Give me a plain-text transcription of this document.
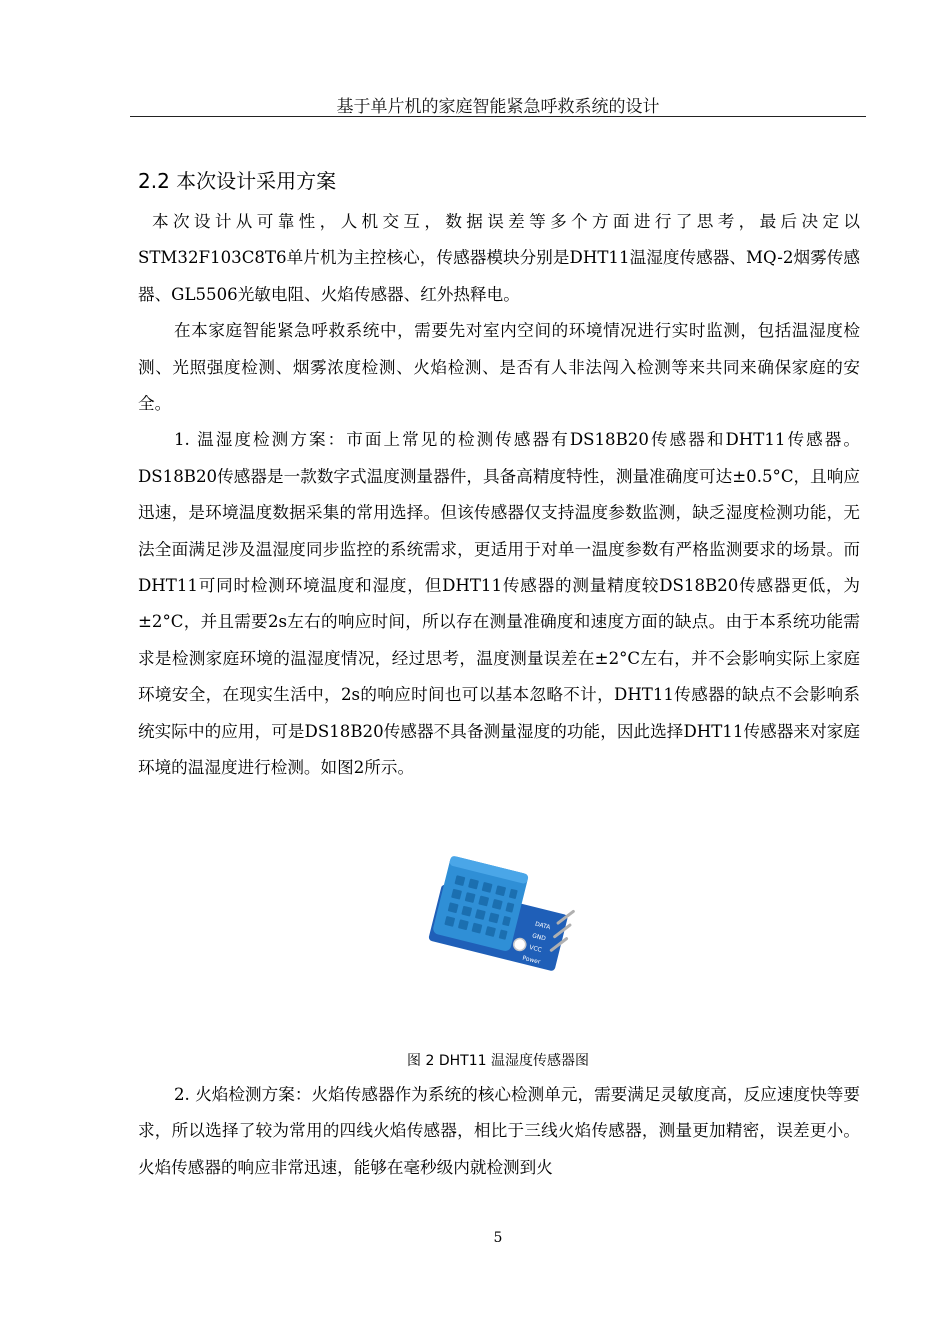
基于单片机的家庭智能紧急呼救系统的设计
2.2 本次设计采用方案

本次设计从可靠性，人机交互，数据误差等多个方面进行了思考，最后决定以STM32F103C8T6单片机为主控核心，传感器模块分别是DHT11温湿度传感器、MQ-2烟雾传感器、GL5506光敏电阻、火焰传感器、红外热释电。

在本家庭智能紧急呼救系统中，需要先对室内空间的环境情况进行实时监测，包括温湿度检测、光照强度检测、烟雾浓度检测、火焰检测、是否有人非法闯入检测等来共同来确保家庭的安全。

1. 温湿度检测方案：市面上常见的检测传感器有DS18B20传感器和DHT11传感器。DS18B20传感器是一款数字式温度测量器件，具备高精度特性，测量准确度可达±0.5°C，且响应迅速，是环境温度数据采集的常用选择。但该传感器仅支持温度参数监测，缺乏湿度检测功能，无法全面满足涉及温湿度同步监控的系统需求，更适用于对单一温度参数有严格监测要求的场景。而DHT11可同时检测环境温度和湿度，但DHT11传感器的测量精度较DS18B20传感器更低，为±2°C，并且需要2s左右的响应时间，所以存在测量准确度和速度方面的缺点。由于本系统功能需求是检测家庭环境的温湿度情况，经过思考，温度测量误差在±2°C左右，并不会影响实际上家庭环境安全，在现实生活中，2s的响应时间也可以基本忽略不计，DHT11传感器的缺点不会影响系统实际中的应用，可是DS18B20传感器不具备测量湿度的功能，因此选择DHT11传感器来对家庭环境的温湿度进行检测。如图2所示。

DATA
GND
VCC
Power
图 2 DHT11 温湿度传感器图

2. 火焰检测方案：火焰传感器作为系统的核心检测单元，需要满足灵敏度高，反应速度快等要求，所以选择了较为常用的四线火焰传感器，相比于三线火焰传感器，测量更加精密，误差更小。火焰传感器的响应非常迅速，能够在毫秒级内就检测到火

5
